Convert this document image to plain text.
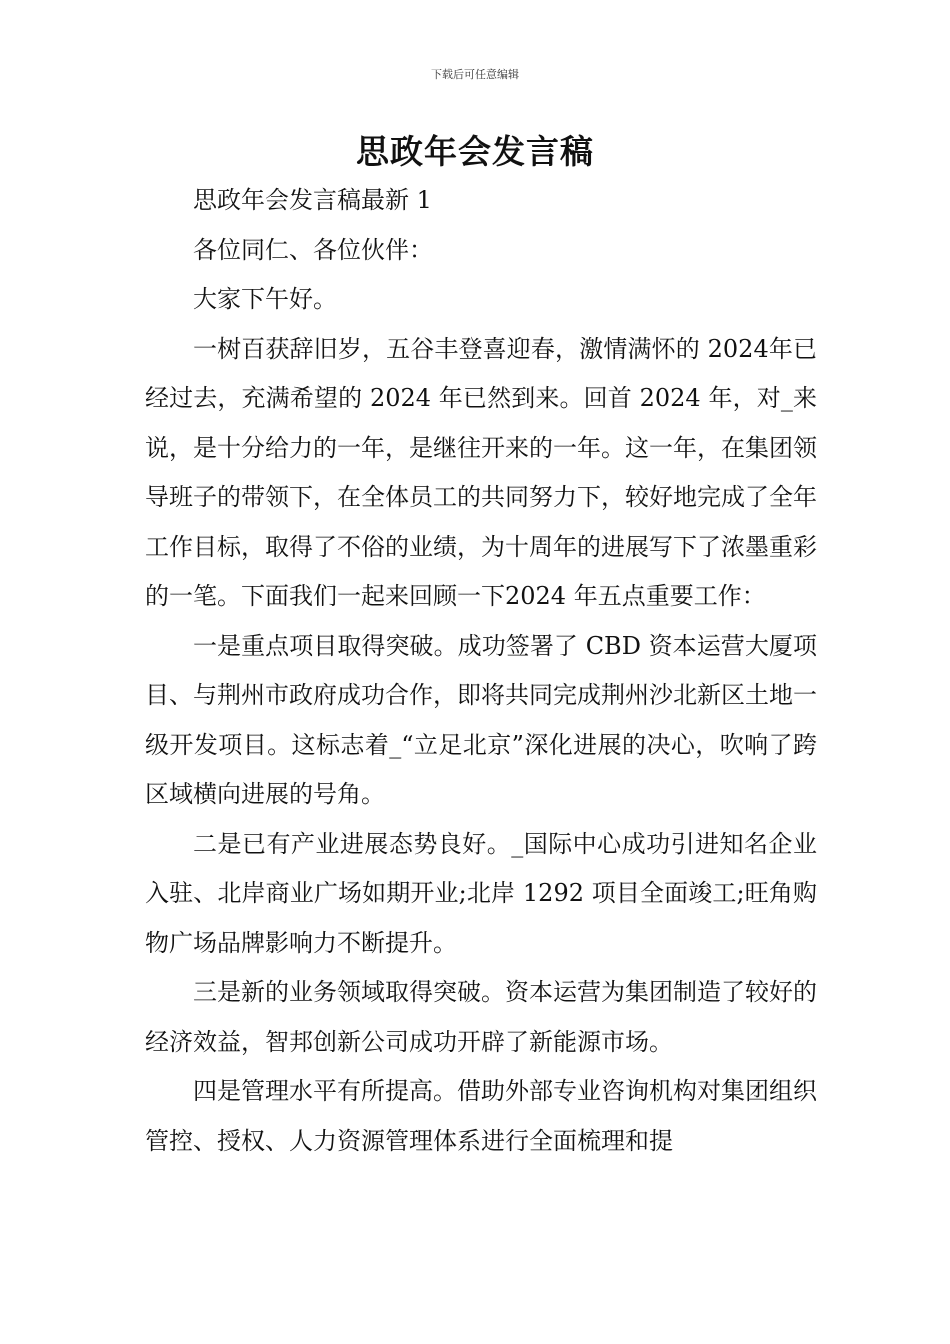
下载后可任意编辑
思政年会发言稿

思政年会发言稿最新 1

各位同仁、各位伙伴：

大家下午好。

一树百获辞旧岁，五谷丰登喜迎春，激情满怀的 2024年已经过去，充满希望的 2024 年已然到来。回首 2024 年，对_来说，是十分给力的一年，是继往开来的一年。这一年，在集团领导班子的带领下，在全体员工的共同努力下，较好地完成了全年工作目标，取得了不俗的业绩，为十周年的进展写下了浓墨重彩的一笔。下面我们一起来回顾一下2024 年五点重要工作：

一是重点项目取得突破。成功签署了 CBD 资本运营大厦项目、与荆州市政府成功合作，即将共同完成荆州沙北新区土地一级开发项目。这标志着_“立足北京”深化进展的决心，吹响了跨区域横向进展的号角。

二是已有产业进展态势良好。_国际中心成功引进知名企业入驻、北岸商业广场如期开业;北岸 1292 项目全面竣工;旺角购物广场品牌影响力不断提升。

三是新的业务领域取得突破。资本运营为集团制造了较好的经济效益，智邦创新公司成功开辟了新能源市场。

四是管理水平有所提高。借助外部专业咨询机构对集团组织管控、授权、人力资源管理体系进行全面梳理和提
